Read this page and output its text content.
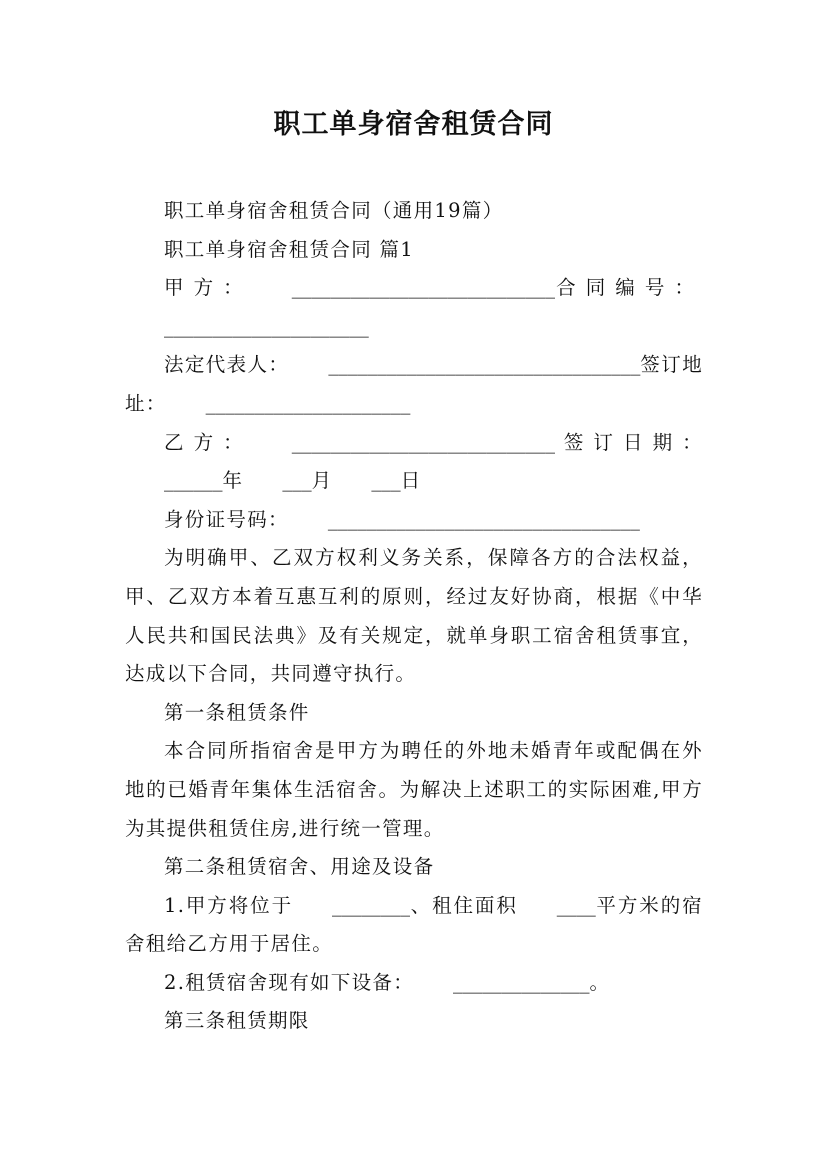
职工单身宿舍租赁合同

职工单身宿舍租赁合同（通用19篇）

职工单身宿舍租赁合同 篇1

甲方： ___________________________合同编号：_____________________

法定代表人： ________________________________签订地址： _____________________

乙方： ___________________________签订日期：______年 ___月 ___日

身份证号码： ________________________________

为明确甲、乙双方权利义务关系，保障各方的合法权益，甲、乙双方本着互惠互利的原则，经过友好协商，根据《中华人民共和国民法典》及有关规定，就单身职工宿舍租赁事宜，达成以下合同，共同遵守执行。

第一条租赁条件

本合同所指宿舍是甲方为聘任的外地未婚青年或配偶在外地的已婚青年集体生活宿舍。为解决上述职工的实际困难,甲方为其提供租赁住房,进行统一管理。

第二条租赁宿舍、用途及设备

1.甲方将位于 ________、租住面积 ____平方米的宿舍租给乙方用于居住。

2.租赁宿舍现有如下设备： ______________。

第三条租赁期限
